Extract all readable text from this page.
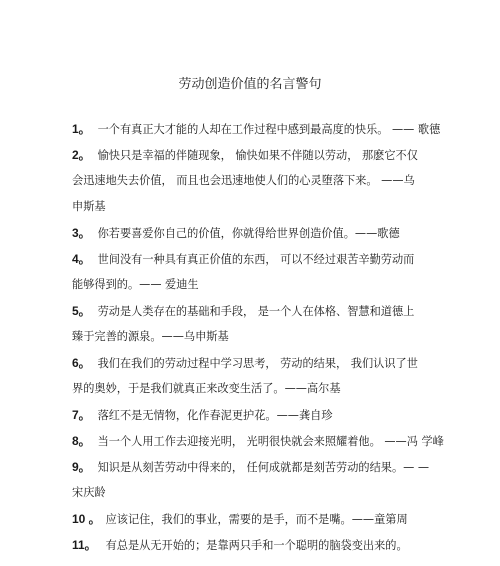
劳动创造价值的名言警句
1。 一个有真正大才能的人却在工作过程中感到最高度的快乐。 —— 歌德
2。 愉快只是幸福的伴随现象， 愉快如果不伴随以劳动， 那麽它不仅
会迅速地失去价值， 而且也会迅速地使人们的心灵堕落下来。 ——乌
申斯基
3。 你若要喜爱你自己的价值，你就得给世界创造价值。——歌德
4。 世间没有一种具有真正价值的东西， 可以不经过艰苦辛勤劳动而
能够得到的。—— 爱迪生
5。 劳动是人类存在的基础和手段， 是一个人在体格、智慧和道德上
臻于完善的源泉。——乌申斯基
6。 我们在我们的劳动过程中学习思考， 劳动的结果， 我们认识了世
界的奥妙，于是我们就真正来改变生活了。——高尔基
7。 落红不是无情物，化作春泥更护花。——龚自珍
8。 当一个人用工作去迎接光明， 光明很快就会来照耀着他。 ——冯 学峰
9。 知识是从刻苦劳动中得来的， 任何成就都是刻苦劳动的结果。— —
宋庆龄
10 。 应该记住，我们的事业，需要的是手，而不是嘴。——童第周
11。 有总是从无开始的；是靠两只手和一个聪明的脑袋变出来的。
